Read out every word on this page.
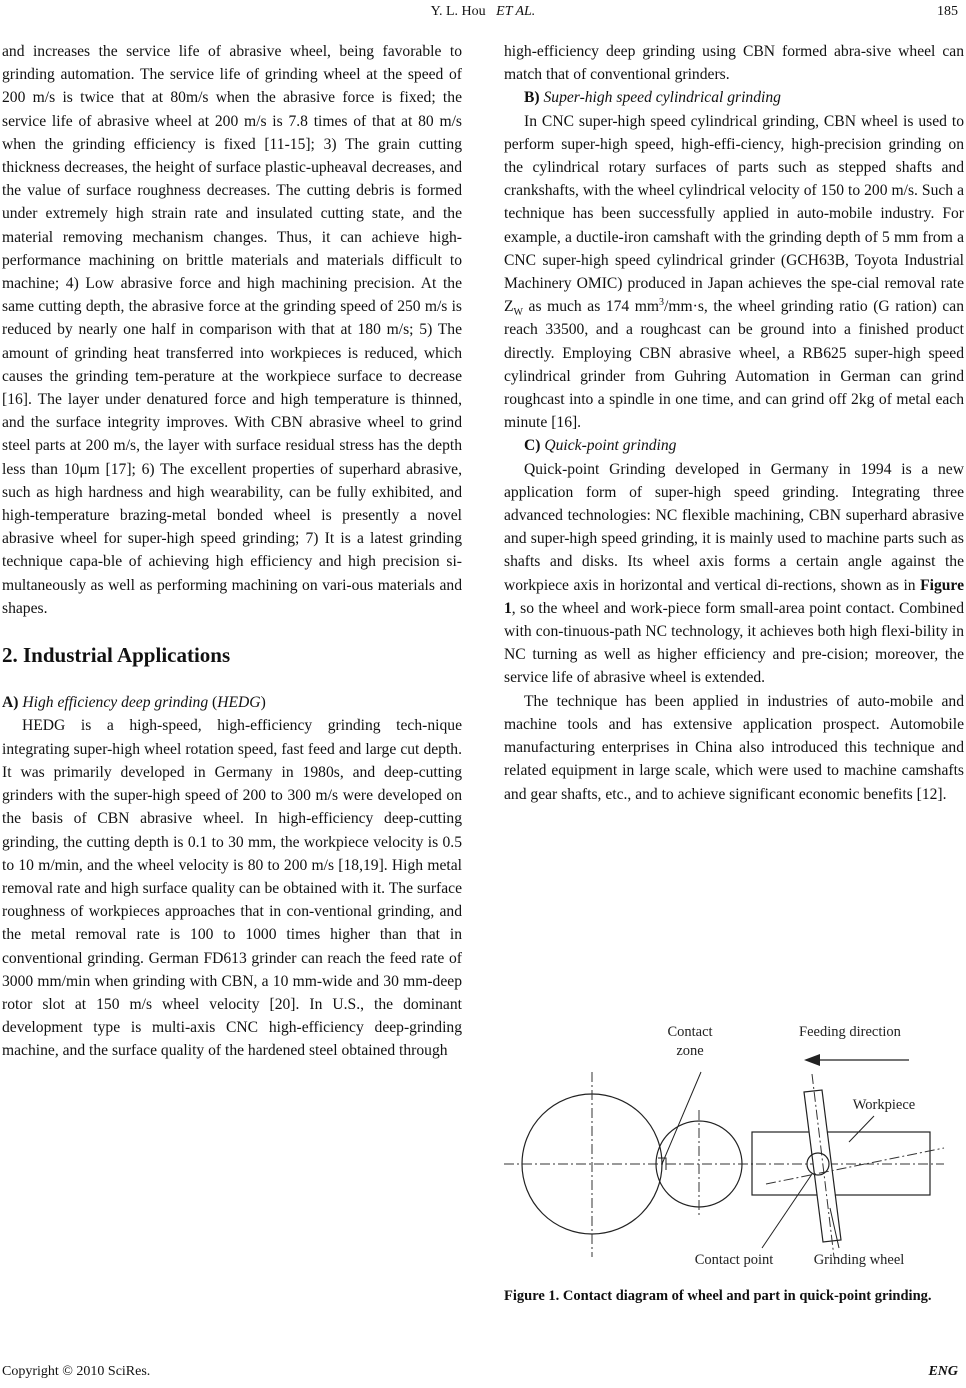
Y. L. Hou ET AL.	185

and increases the service life of abrasive wheel, being favorable to grinding automation. The service life of grinding wheel at the speed of 200 m/s is twice that at 80m/s when the abrasive force is fixed; the service life of abrasive wheel at 200 m/s is 7.8 times of that at 80 m/s when the grinding efficiency is fixed [11-15]; 3) The grain cutting thickness decreases, the height of surface plastic-upheaval decreases, and the value of surface roughness decreases. The cutting debris is formed under extremely high strain rate and insulated cutting state, and the material removing mechanism changes. Thus, it can achieve high-performance machining on brittle materials and materials difficult to machine; 4) Low abrasive force and high machining precision. At the same cutting depth, the abrasive force at the grinding speed of 250 m/s is reduced by nearly one half in comparison with that at 180 m/s; 5) The amount of grinding heat transferred into workpieces is reduced, which causes the grinding tem-perature at the workpiece surface to decrease [16]. The layer under denatured force and high temperature is thinned, and the surface integrity improves. With CBN abrasive wheel to grind steel parts at 200 m/s, the layer with surface residual stress has the depth less than 10μm [17]; 6) The excellent properties of superhard abrasive, such as high hardness and high wearability, can be fully exhibited, and high-temperature brazing-metal bonded wheel is presently a novel abrasive wheel for super-high speed grinding; 7) It is a latest grinding technique capa-ble of achieving high efficiency and high precision si-multaneously as well as performing machining on vari-ous materials and shapes.

2. Industrial Applications

A) High efficiency deep grinding (HEDG)

HEDG is a high-speed, high-efficiency grinding tech-nique integrating super-high wheel rotation speed, fast feed and large cut depth. It was primarily developed in Germany in 1980s, and deep-cutting grinders with the super-high speed of 200 to 300 m/s were developed on the basis of CBN abrasive wheel. In high-efficiency deep-cutting grinding, the cutting depth is 0.1 to 30 mm, the workpiece velocity is 0.5 to 10 m/min, and the wheel velocity is 80 to 200 m/s [18,19]. High metal removal rate and high surface quality can be obtained with it. The surface roughness of workpieces approaches that in con-ventional grinding, and the metal removal rate is 100 to 1000 times higher than that in conventional grinding. German FD613 grinder can reach the feed rate of 3000 mm/min when grinding with CBN, a 10 mm-wide and 30 mm-deep rotor slot at 150 m/s wheel velocity [20]. In U.S., the dominant development type is multi-axis CNC high-efficiency deep-grinding machine, and the surface quality of the hardened steel obtained through

high-efficiency deep grinding using CBN formed abra-sive wheel can match that of conventional grinders.

B) Super-high speed cylindrical grinding

In CNC super-high speed cylindrical grinding, CBN wheel is used to perform super-high speed, high-effi-ciency, high-precision grinding on the cylindrical rotary surfaces of parts such as stepped shafts and crankshafts, with the wheel cylindrical velocity of 150 to 200 m/s. Such a technique has been successfully applied in auto-mobile industry. For example, a ductile-iron camshaft with the grinding depth of 5 mm from a CNC super-high speed cylindrical grinder (GCH63B, Toyota Industrial Machinery OMIC) produced in Japan achieves the spe-cial removal rate $Z_W$ as much as 174 $mm^3/mm\cdot s$, the wheel grinding ratio (G ration) can reach 33500, and a roughcast can be ground into a finished product directly. Employing CBN abrasive wheel, a RB625 super-high speed cylindrical grinder from Guhring Automation in German can grind roughcast into a spindle in one time, and can grind off 2kg of metal each minute [16].

C) Quick-point grinding

Quick-point Grinding developed in Germany in 1994 is a new application form of super-high speed grinding. Integrating three advanced technologies: NC flexible machining, CBN superhard abrasive and super-high speed grinding, it is mainly used to machine parts such as shafts and disks. Its wheel axis forms a certain angle against the workpiece axis in horizontal and vertical di-rections, shown as in Figure 1, so the wheel and work-piece form small-area point contact. Combined with con-tinuous-path NC technology, it achieves both high flexi-bility in NC turning as well as higher efficiency and pre-cision; moreover, the service life of abrasive wheel is extended.

The technique has been applied in industries of auto-mobile and machine tools and has extensive application prospect. Automobile manufacturing enterprises in China also introduced this technique and related equipment in large scale, which were used to machine camshafts and gear shafts, etc., and to achieve significant economic benefits [12].

Contact
zone
Feeding direction
Workpiece
Contact point	Grinding wheel
Figure 1. Contact diagram of wheel and part in quick-point grinding.
Copyright © 2010 SciRes.	ENG
